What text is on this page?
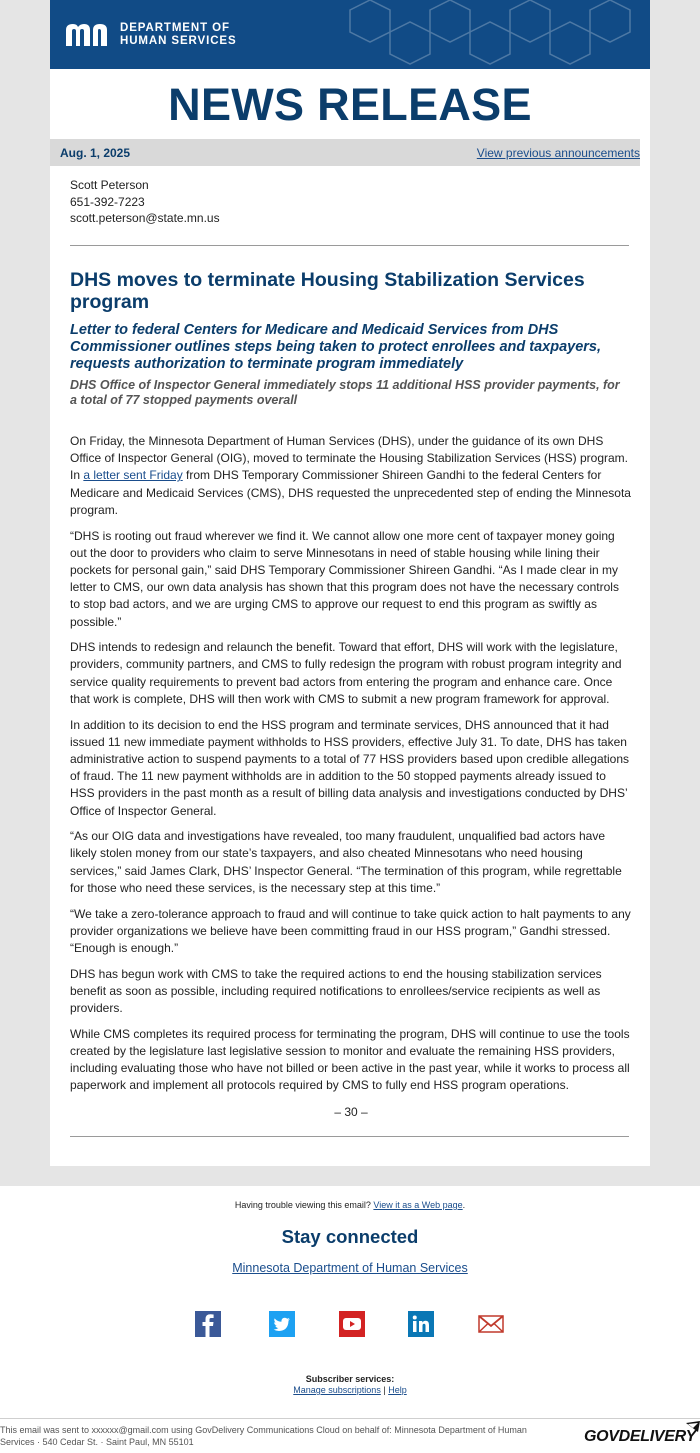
DEPARTMENT OF
HUMAN SERVICES
NEWS RELEASE
Aug. 1, 2025	View previous announcements
Scott Peterson
651-392-7223
scott.peterson@state.mn.us
DHS moves to terminate Housing Stabilization Services program
Letter to federal Centers for Medicare and Medicaid Services from DHS Commissioner outlines steps being taken to protect enrollees and taxpayers, requests authorization to terminate program immediately
DHS Office of Inspector General immediately stops 11 additional HSS provider payments, for a total of 77 stopped payments overall

On Friday, the Minnesota Department of Human Services (DHS), under the guidance of its own DHS Office of Inspector General (OIG), moved to terminate the Housing Stabilization Services (HSS) program. In a letter sent Friday from DHS Temporary Commissioner Shireen Gandhi to the federal Centers for Medicare and Medicaid Services (CMS), DHS requested the unprecedented step of ending the Minnesota program.

“DHS is rooting out fraud wherever we find it. We cannot allow one more cent of taxpayer money going out the door to providers who claim to serve Minnesotans in need of stable housing while lining their pockets for personal gain,” said DHS Temporary Commissioner Shireen Gandhi. “As I made clear in my letter to CMS, our own data analysis has shown that this program does not have the necessary controls to stop bad actors, and we are urging CMS to approve our request to end this program as swiftly as possible.”

DHS intends to redesign and relaunch the benefit. Toward that effort, DHS will work with the legislature, providers, community partners, and CMS to fully redesign the program with robust program integrity and service quality requirements to prevent bad actors from entering the program and enhance care. Once that work is complete, DHS will then work with CMS to submit a new program framework for approval.

In addition to its decision to end the HSS program and terminate services, DHS announced that it had issued 11 new immediate payment withholds to HSS providers, effective July 31. To date, DHS has taken administrative action to suspend payments to a total of 77 HSS providers based upon credible allegations of fraud. The 11 new payment withholds are in addition to the 50 stopped payments already issued to HSS providers in the past month as a result of billing data analysis and investigations conducted by DHS’ Office of Inspector General.

“As our OIG data and investigations have revealed, too many fraudulent, unqualified bad actors have likely stolen money from our state’s taxpayers, and also cheated Minnesotans who need housing services,” said James Clark, DHS’ Inspector General. “The termination of this program, while regrettable for those who need these services, is the necessary step at this time.”

“We take a zero-tolerance approach to fraud and will continue to take quick action to halt payments to any provider organizations we believe have been committing fraud in our HSS program,” Gandhi stressed. “Enough is enough.”

DHS has begun work with CMS to take the required actions to end the housing stabilization services benefit as soon as possible, including required notifications to enrollees/service recipients as well as providers.

While CMS completes its required process for terminating the program, DHS will continue to use the tools created by the legislature last legislative session to monitor and evaluate the remaining HSS providers, including evaluating those who have not billed or been active in the past year, while it works to process all paperwork and implement all protocols required by CMS to fully end HSS program operations.

– 30 –

Having trouble viewing this email? View it as a Web page.
Stay connected
Minnesota Department of Human Services
Subscriber services:
Manage subscriptions | Help
This email was sent to xxxxxx@gmail.com using GovDelivery Communications Cloud on behalf of: Minnesota Department of Human Services · 540 Cedar St. · Saint Paul, MN 55101	GOVDELIVERY
